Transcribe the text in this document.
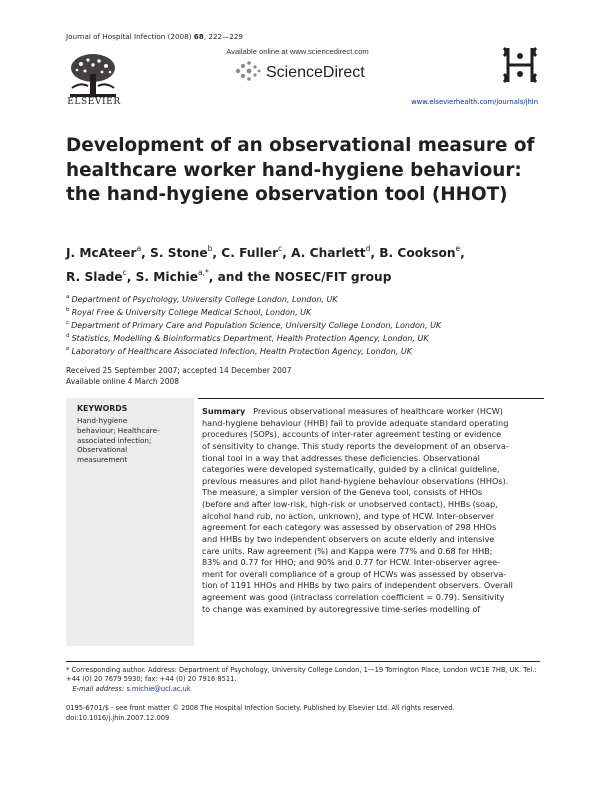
Journal of Hospital Infection (2008) 68, 222—229
ELSEVIER
Available online at www.sciencedirect.com
ScienceDirect
www.elsevierhealth.com/journals/jhin
Development of an observational measure of healthcare worker hand-hygiene behaviour: the hand-hygiene observation tool (HHOT)
J. McAteer$^a$, S. Stone$^b$, C. Fuller$^c$, A. Charlett$^d$, B. Cookson$^e$,
R. Slade$^c$, S. Michie$^{a,*}$, and the NOSEC/FIT group
$^a$ Department of Psychology, University College London, London, UK
$^b$ Royal Free & University College Medical School, London, UK
$^c$ Department of Primary Care and Population Science, University College London, London, UK
$^d$ Statistics, Modelling & Bioinformatics Department, Health Protection Agency, London, UK
$^e$ Laboratory of Healthcare Associated Infection, Health Protection Agency, London, UK
Received 25 September 2007; accepted 14 December 2007
Available online 4 March 2008
KEYWORDS
Hand-hygiene
behaviour; Healthcare-
associated infection;
Observational
measurement
Summary Previous observational measures of healthcare worker (HCW)
hand-hygiene behaviour (HHB) fail to provide adequate standard operating
procedures (SOPs), accounts of inter-rater agreement testing or evidence
of sensitivity to change. This study reports the development of an observa-
tional tool in a way that addresses these deficiencies. Observational
categories were developed systematically, guided by a clinical guideline,
previous measures and pilot hand-hygiene behaviour observations (HHOs).
The measure, a simpler version of the Geneva tool, consists of HHOs
(before and after low-risk, high-risk or unobserved contact), HHBs (soap,
alcohol hand rub, no action, unknown), and type of HCW. Inter-observer
agreement for each category was assessed by observation of 298 HHOs
and HHBs by two independent observers on acute elderly and intensive
care units. Raw agreement (%) and Kappa were 77% and 0.68 for HHB;
83% and 0.77 for HHO; and 90% and 0.77 for HCW. Inter-observer agree-
ment for overall compliance of a group of HCWs was assessed by observa-
tion of 1191 HHOs and HHBs by two pairs of independent observers. Overall
agreement was good (intraclass correlation coefficient = 0.79). Sensitivity
to change was examined by autoregressive time-series modelling of
* Corresponding author. Address: Department of Psychology, University College London, 1—19 Torrington Place, London WC1E 7HB, UK. Tel.: +44 (0) 20 7679 5930; fax: +44 (0) 20 7916 8511.
E-mail address: s.michie@ucl.ac.uk
0195-6701/$ - see front matter © 2008 The Hospital Infection Society. Published by Elsevier Ltd. All rights reserved.
doi:10.1016/j.jhin.2007.12.009
